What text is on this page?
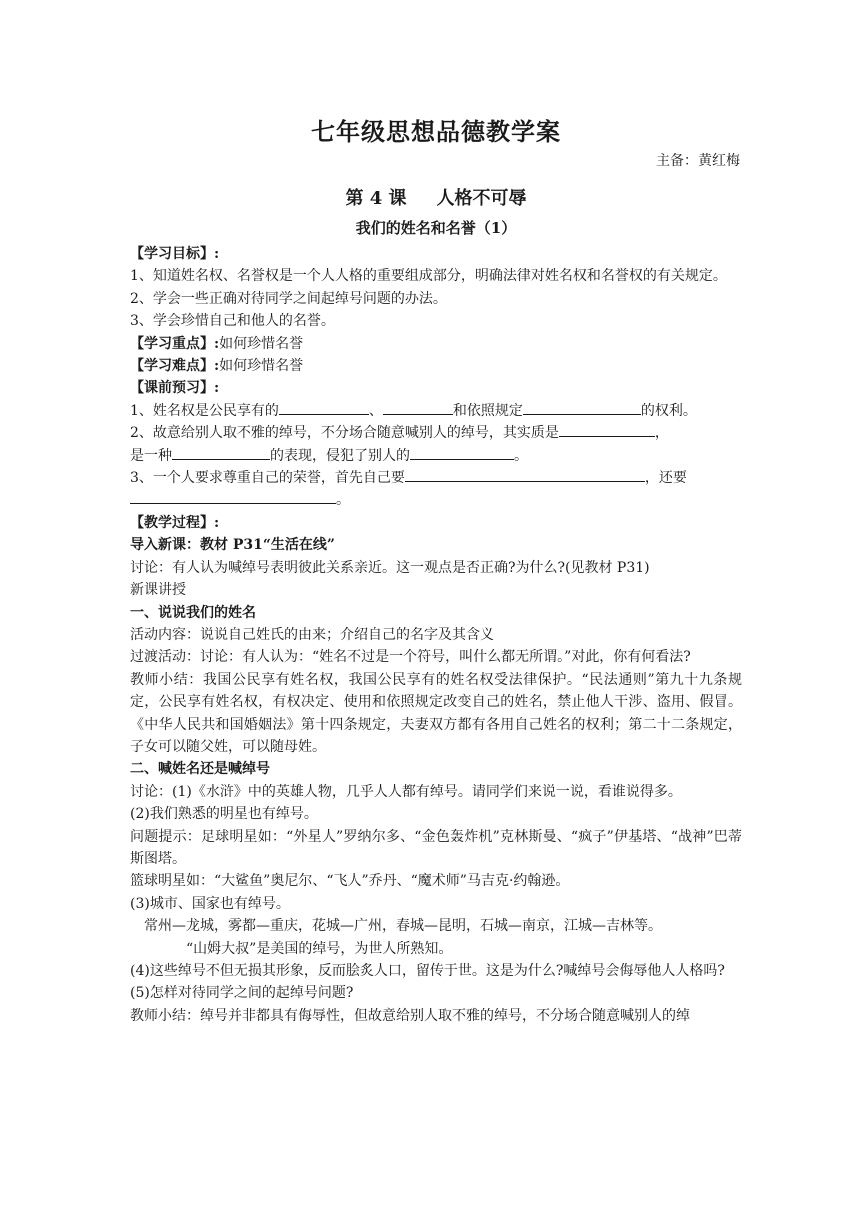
七年级思想品德教学案
主备：黄红梅
第 4 课 人格不可辱
我们的姓名和名誉（1）

【学习目标】:

1、知道姓名权、名誉权是一个人人格的重要组成部分，明确法律对姓名权和名誉权的有关规定。

2、学会一些正确对待同学之间起绰号问题的办法。

3、学会珍惜自己和他人的名誉。

【学习重点】:如何珍惜名誉

【学习难点】:如何珍惜名誉

【课前预习】:

1、姓名权是公民享有的	、	和依照规定	的权利。

2、故意给别人取不雅的绰号，不分场合随意喊别人的绰号，其实质是	，

是一种	的表现，侵犯了别人的	。

3、一个人要求尊重自己的荣誉，首先自己要	，还要

。

【教学过程】:

导入新课：教材 P31“生活在线”

讨论：有人认为喊绰号表明彼此关系亲近。这一观点是否正确?为什么?(见教材 P31)

新课讲授

一、说说我们的姓名

活动内容：说说自己姓氏的由来；介绍自己的名字及其含义

过渡活动：讨论：有人认为：“姓名不过是一个符号，叫什么都无所谓。”对此，你有何看法?

教师小结：我国公民享有姓名权，我国公民享有的姓名权受法律保护。“民法通则”第九十九条规定，公民享有姓名权，有权决定、使用和依照规定改变自己的姓名，禁止他人干涉、盗用、假冒。《中华人民共和国婚姻法》第十四条规定，夫妻双方都有各用自己姓名的权利；第二十二条规定，子女可以随父姓，可以随母姓。

二、喊姓名还是喊绰号

讨论：(1)《水浒》中的英雄人物，几乎人人都有绰号。请同学们来说一说，看谁说得多。

(2)我们熟悉的明星也有绰号。

问题提示：足球明星如：“外星人”罗纳尔多、“金色轰炸机”克林斯曼、“疯子”伊基塔、“战神”巴蒂斯图塔。

篮球明星如：“大鲨鱼”奥尼尔、“飞人”乔丹、“魔术师”马吉克·约翰逊。

(3)城市、国家也有绰号。

常州—龙城，雾都—重庆，花城—广州，春城—昆明，石城—南京，江城—吉林等。

“山姆大叔”是美国的绰号，为世人所熟知。

(4)这些绰号不但无损其形象，反而脍炙人口，留传于世。这是为什么?喊绰号会侮辱他人人格吗?

(5)怎样对待同学之间的起绰号问题?

教师小结：绰号并非都具有侮辱性，但故意给别人取不雅的绰号，不分场合随意喊别人的绰
